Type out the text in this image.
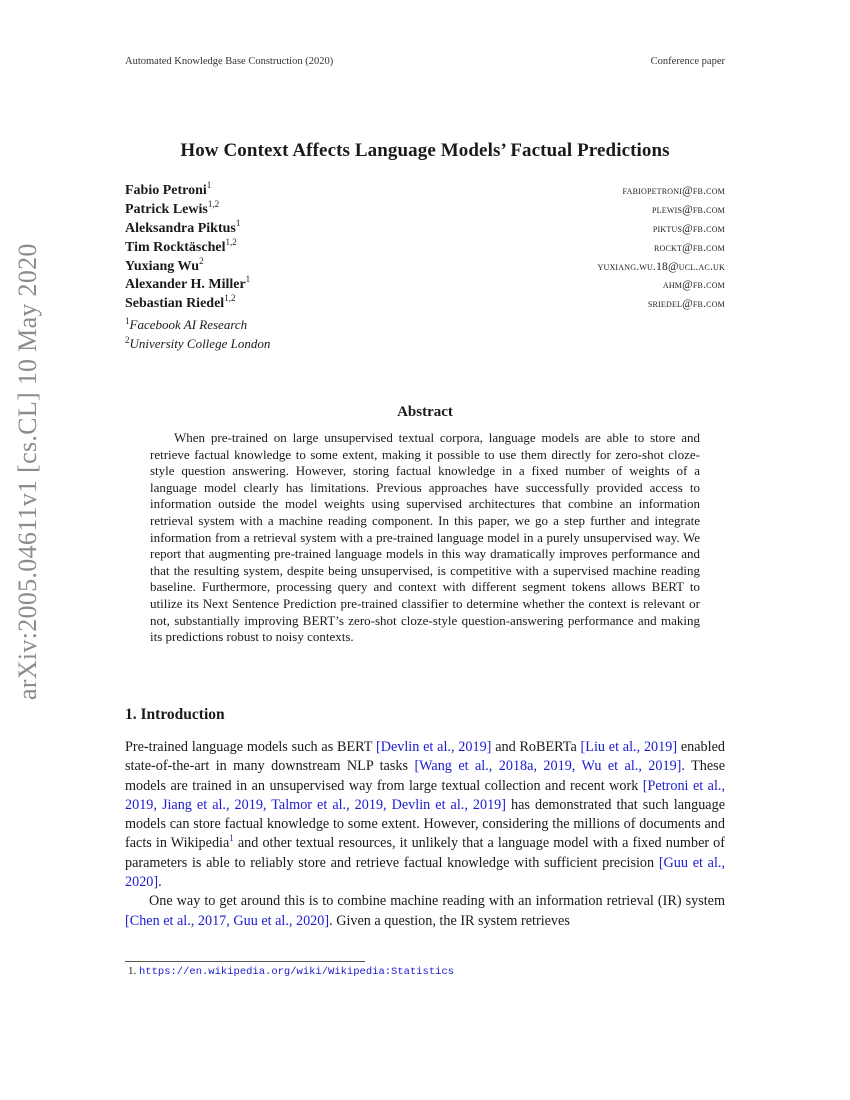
Automated Knowledge Base Construction (2020)	Conference paper
arXiv:2005.04611v1 [cs.CL] 10 May 2020
How Context Affects Language Models’ Factual Predictions
Fabio Petroni$^1$	fabiopetroni@fb.com
Patrick Lewis$^{1,2}$	plewis@fb.com
Aleksandra Piktus$^1$	piktus@fb.com
Tim Rocktäschel$^{1,2}$	rockt@fb.com
Yuxiang Wu$^2$	yuxiang.wu.18@ucl.ac.uk
Alexander H. Miller$^1$	ahm@fb.com
Sebastian Riedel$^{1,2}$	sriedel@fb.com
$^1$Facebook AI Research
$^2$University College London
Abstract

When pre-trained on large unsupervised textual corpora, language models are able to store and retrieve factual knowledge to some extent, making it possible to use them directly for zero-shot cloze-style question answering. However, storing factual knowledge in a fixed number of weights of a language model clearly has limitations. Previous approaches have successfully provided access to information outside the model weights using supervised architectures that combine an information retrieval system with a machine reading component. In this paper, we go a step further and integrate information from a retrieval system with a pre-trained language model in a purely unsupervised way. We report that augmenting pre-trained language models in this way dramatically improves performance and that the resulting system, despite being unsupervised, is competitive with a supervised machine reading baseline. Furthermore, processing query and context with different segment tokens allows BERT to utilize its Next Sentence Prediction pre-trained classifier to determine whether the context is relevant or not, substantially improving BERT’s zero-shot cloze-style question-answering performance and making its predictions robust to noisy contexts.

1. Introduction

Pre-trained language models such as BERT [Devlin et al., 2019] and RoBERTa [Liu et al., 2019] enabled state-of-the-art in many downstream NLP tasks [Wang et al., 2018a, 2019, Wu et al., 2019]. These models are trained in an unsupervised way from large textual collection and recent work [Petroni et al., 2019, Jiang et al., 2019, Talmor et al., 2019, Devlin et al., 2019] has demonstrated that such language models can store factual knowledge to some extent. However, considering the millions of documents and facts in Wikipedia$^1$ and other textual resources, it unlikely that a language model with a fixed number of parameters is able to reliably store and retrieve factual knowledge with sufficient precision [Guu et al., 2020].

One way to get around this is to combine machine reading with an information retrieval (IR) system [Chen et al., 2017, Guu et al., 2020]. Given a question, the IR system retrieves

1. https://en.wikipedia.org/wiki/Wikipedia:Statistics
